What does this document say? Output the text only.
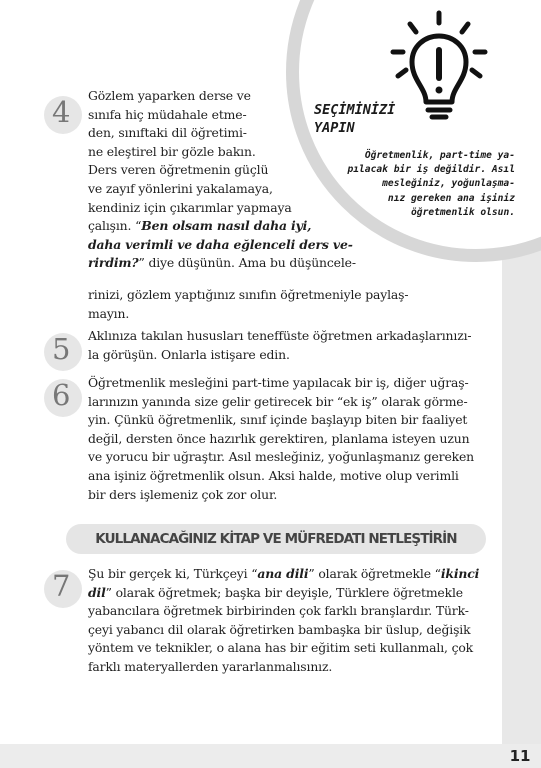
11
SEÇİMİNİZİ
YAPIN
Öğretmenlik, part-time ya-
pılacak bir iş değildir. Asıl
mesleğiniz, yoğunlaşma-
nız gereken ana işiniz
öğretmenlik olsun.
4 Gözlem yaparken derse ve
sınıfa hiç müdahale etme-
den, sınıftaki dil öğretimi-
ne eleştirel bir gözle bakın.
Ders veren öğretmenin güçlü
ve zayıf yönlerini yakalamaya,
kendiniz için çıkarımlar yapmaya
çalışın. “Ben olsam nasıl daha iyi,
daha verimli ve daha eğlenceli ders ve-
rirdim?” diye düşünün. Ama bu düşüncele-
rinizi, gözlem yaptığınız sınıfın öğretmeniyle paylaş-
mayın.
5 Aklınıza takılan hususları teneffüste öğretmen arkadaşlarınızı-
la görüşün. Onlarla istişare edin.
6 Öğretmenlik mesleğini part-time yapılacak bir iş, diğer uğraş-
larınızın yanında size gelir getirecek bir “ek iş” olarak görme-
yin. Çünkü öğretmenlik, sınıf içinde başlayıp biten bir faaliyet
değil, dersten önce hazırlık gerektiren, planlama isteyen uzun
ve yorucu bir uğraştır. Asıl mesleğiniz, yoğunlaşmanız gereken
ana işiniz öğretmenlik olsun. Aksi halde, motive olup verimli
bir ders işlemeniz çok zor olur.
KULLANACAĞINIZ KİTAP VE MÜFREDATI NETLEŞTİRİN
7 Şu bir gerçek ki, Türkçeyi “ana dili” olarak öğretmekle “ikinci
dil” olarak öğretmek; başka bir deyişle, Türklere öğretmekle
yabancılara öğretmek birbirinden çok farklı branşlardır. Türk-
çeyi yabancı dil olarak öğretirken bambaşka bir üslup, değişik
yöntem ve teknikler, o alana has bir eğitim seti kullanmalı, çok
farklı materyallerden yararlanmalısınız.
